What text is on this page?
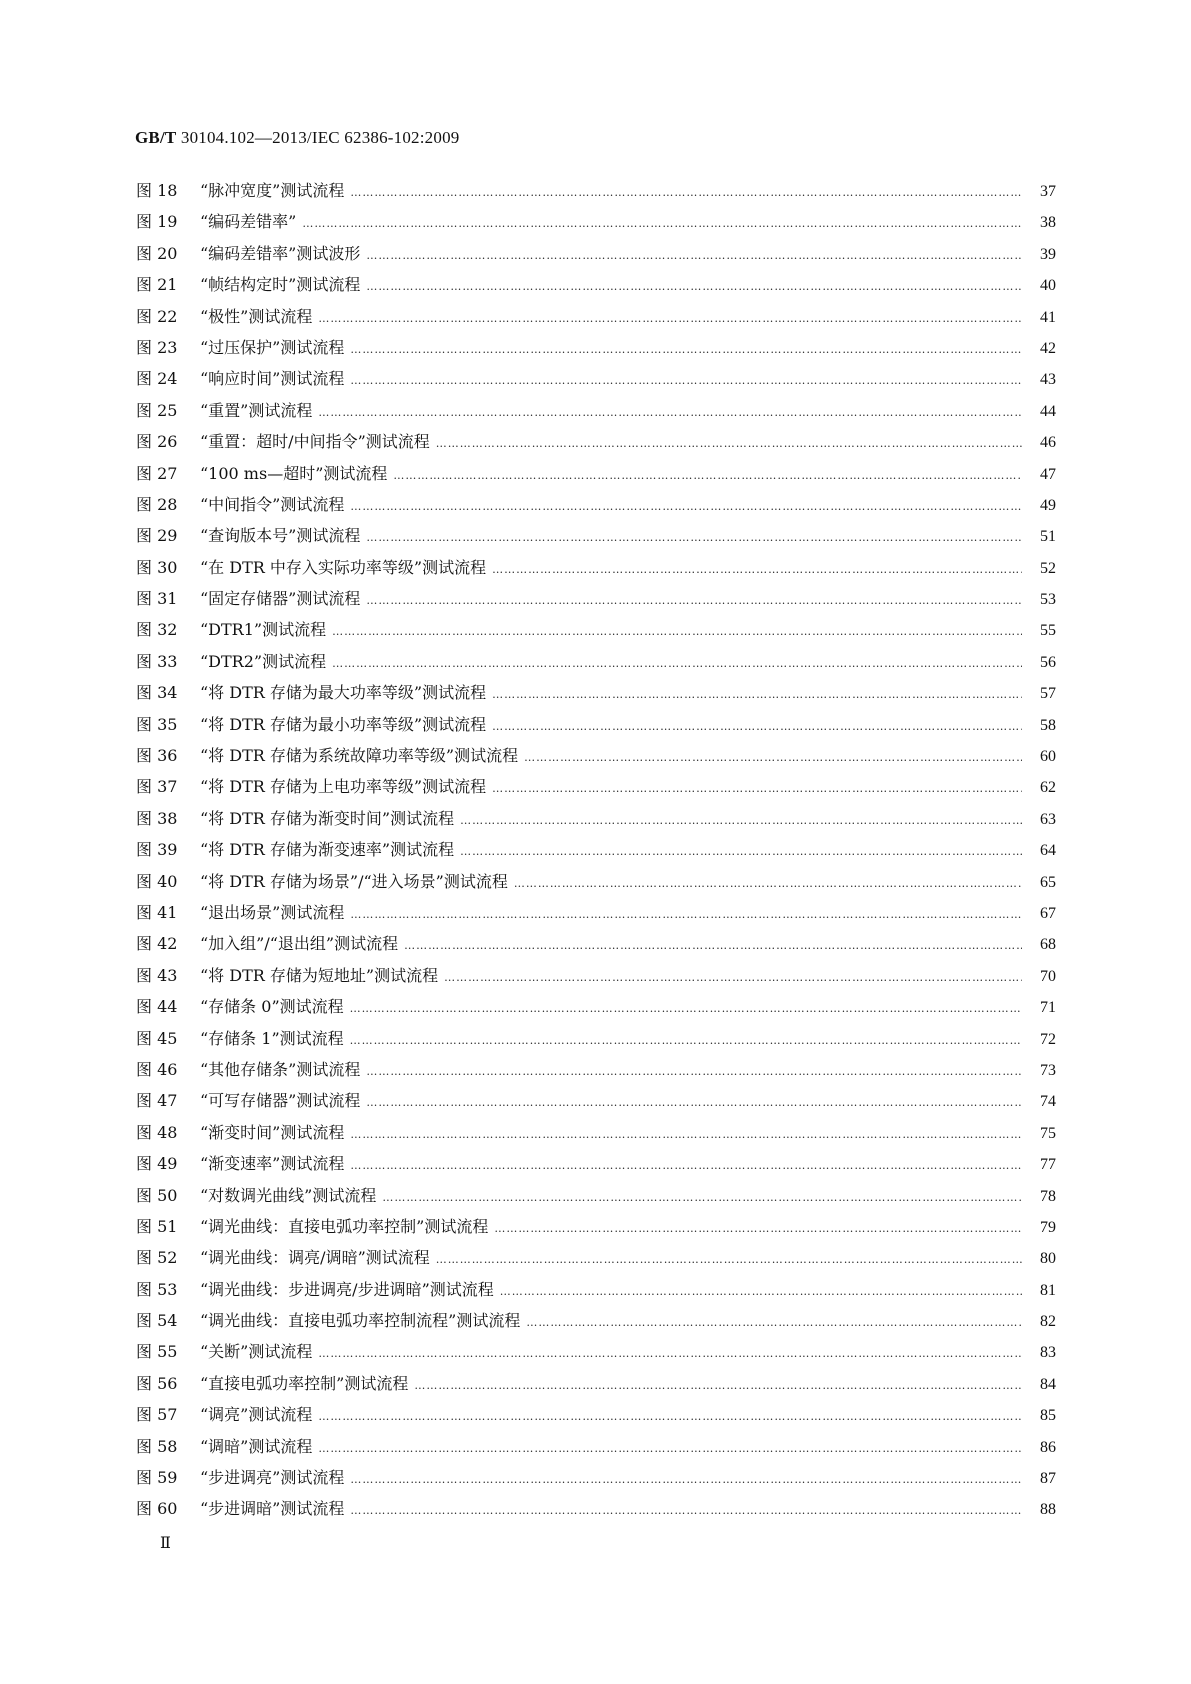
GB/T 30104.102—2013/IEC 62386-102:2009
图 18	“脉冲宽度”测试流程 ……………………………………………………………………………………………………………………………………………………………………………………………………………………………	37
图 19	“编码差错率” ……………………………………………………………………………………………………………………………………………………………………………………………………………………………	38
图 20	“编码差错率”测试波形 ……………………………………………………………………………………………………………………………………………………………………………………………………………………………	39
图 21	“帧结构定时”测试流程 ……………………………………………………………………………………………………………………………………………………………………………………………………………………………	40
图 22	“极性”测试流程 ……………………………………………………………………………………………………………………………………………………………………………………………………………………………	41
图 23	“过压保护”测试流程 ……………………………………………………………………………………………………………………………………………………………………………………………………………………………	42
图 24	“响应时间”测试流程 ……………………………………………………………………………………………………………………………………………………………………………………………………………………………	43
图 25	“重置”测试流程 ……………………………………………………………………………………………………………………………………………………………………………………………………………………………	44
图 26	“重置：超时/中间指令”测试流程 ……………………………………………………………………………………………………………………………………………………………………………………………………………………………	46
图 27	“100 ms—超时”测试流程 ……………………………………………………………………………………………………………………………………………………………………………………………………………………………	47
图 28	“中间指令”测试流程 ……………………………………………………………………………………………………………………………………………………………………………………………………………………………	49
图 29	“查询版本号”测试流程 ……………………………………………………………………………………………………………………………………………………………………………………………………………………………	51
图 30	“在 DTR 中存入实际功率等级”测试流程 ……………………………………………………………………………………………………………………………………………………………………………………………………………………………	52
图 31	“固定存储器”测试流程 ……………………………………………………………………………………………………………………………………………………………………………………………………………………………	53
图 32	“DTR1”测试流程 ……………………………………………………………………………………………………………………………………………………………………………………………………………………………	55
图 33	“DTR2”测试流程 ……………………………………………………………………………………………………………………………………………………………………………………………………………………………	56
图 34	“将 DTR 存储为最大功率等级”测试流程 ……………………………………………………………………………………………………………………………………………………………………………………………………………………………	57
图 35	“将 DTR 存储为最小功率等级”测试流程 ……………………………………………………………………………………………………………………………………………………………………………………………………………………………	58
图 36	“将 DTR 存储为系统故障功率等级”测试流程 ……………………………………………………………………………………………………………………………………………………………………………………………………………………………	60
图 37	“将 DTR 存储为上电功率等级”测试流程 ……………………………………………………………………………………………………………………………………………………………………………………………………………………………	62
图 38	“将 DTR 存储为渐变时间”测试流程 ……………………………………………………………………………………………………………………………………………………………………………………………………………………………	63
图 39	“将 DTR 存储为渐变速率”测试流程 ……………………………………………………………………………………………………………………………………………………………………………………………………………………………	64
图 40	“将 DTR 存储为场景”/“进入场景”测试流程 ……………………………………………………………………………………………………………………………………………………………………………………………………………………………	65
图 41	“退出场景”测试流程 ……………………………………………………………………………………………………………………………………………………………………………………………………………………………	67
图 42	“加入组”/“退出组”测试流程 ……………………………………………………………………………………………………………………………………………………………………………………………………………………………	68
图 43	“将 DTR 存储为短地址”测试流程 ……………………………………………………………………………………………………………………………………………………………………………………………………………………………	70
图 44	“存储条 0”测试流程 ……………………………………………………………………………………………………………………………………………………………………………………………………………………………	71
图 45	“存储条 1”测试流程 ……………………………………………………………………………………………………………………………………………………………………………………………………………………………	72
图 46	“其他存储条”测试流程 ……………………………………………………………………………………………………………………………………………………………………………………………………………………………	73
图 47	“可写存储器”测试流程 ……………………………………………………………………………………………………………………………………………………………………………………………………………………………	74
图 48	“渐变时间”测试流程 ……………………………………………………………………………………………………………………………………………………………………………………………………………………………	75
图 49	“渐变速率”测试流程 ……………………………………………………………………………………………………………………………………………………………………………………………………………………………	77
图 50	“对数调光曲线”测试流程 ……………………………………………………………………………………………………………………………………………………………………………………………………………………………	78
图 51	“调光曲线：直接电弧功率控制”测试流程 ……………………………………………………………………………………………………………………………………………………………………………………………………………………………	79
图 52	“调光曲线：调亮/调暗”测试流程 ……………………………………………………………………………………………………………………………………………………………………………………………………………………………	80
图 53	“调光曲线：步进调亮/步进调暗”测试流程 ……………………………………………………………………………………………………………………………………………………………………………………………………………………………	81
图 54	“调光曲线：直接电弧功率控制流程”测试流程 ……………………………………………………………………………………………………………………………………………………………………………………………………………………………	82
图 55	“关断”测试流程 ……………………………………………………………………………………………………………………………………………………………………………………………………………………………	83
图 56	“直接电弧功率控制”测试流程 ……………………………………………………………………………………………………………………………………………………………………………………………………………………………	84
图 57	“调亮”测试流程 ……………………………………………………………………………………………………………………………………………………………………………………………………………………………	85
图 58	“调暗”测试流程 ……………………………………………………………………………………………………………………………………………………………………………………………………………………………	86
图 59	“步进调亮”测试流程 ……………………………………………………………………………………………………………………………………………………………………………………………………………………………	87
图 60	“步进调暗”测试流程 ……………………………………………………………………………………………………………………………………………………………………………………………………………………………	88
Ⅱ
